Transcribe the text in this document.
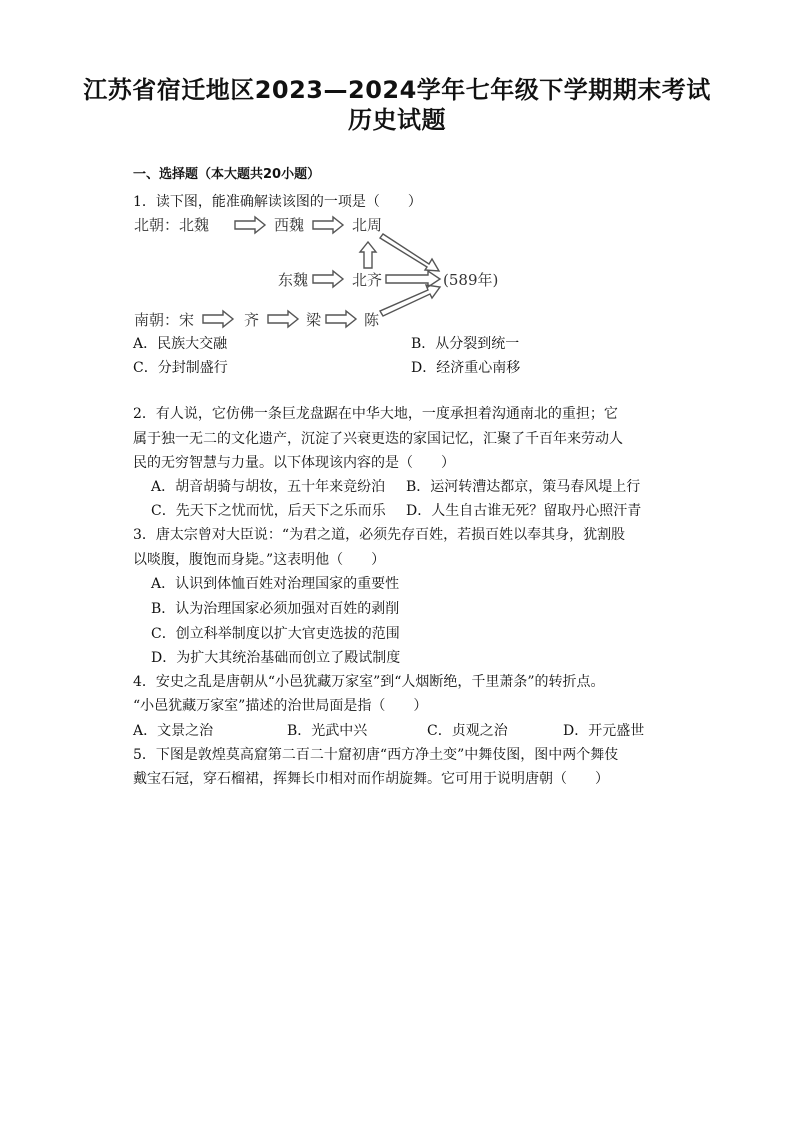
江苏省宿迁地区2023—2024学年七年级下学期期末考试
历史试题
一、选择题（本大题共20小题）
1．读下图，能准确解读该图的一项是（　　）
北朝：北魏	西魏	北周
东魏	北齐	(589年)
南朝：宋	齐	梁	陈
A．民族大交融	B．从分裂到统一
C．分封制盛行	D．经济重心南移
2．有人说，它仿佛一条巨龙盘踞在中华大地，一度承担着沟通南北的重担；它
属于独一无二的文化遗产，沉淀了兴衰更迭的家国记忆，汇聚了千百年来劳动人
民的无穷智慧与力量。以下体现该内容的是（　　）
A．胡音胡骑与胡妆，五十年来竞纷泊 B．运河转漕达都京，策马春风堤上行
C．先天下之忧而忧，后天下之乐而乐 D．人生自古谁无死？留取丹心照汗青
3．唐太宗曾对大臣说：“为君之道，必须先存百姓，若损百姓以奉其身，犹割股
以啖腹，腹饱而身毙。”这表明他（　　）
A．认识到体恤百姓对治理国家的重要性
B．认为治理国家必须加强对百姓的剥削
C．创立科举制度以扩大官吏选拔的范围
D．为扩大其统治基础而创立了殿试制度
4．安史之乱是唐朝从“小邑犹藏万家室”到“人烟断绝，千里萧条”的转折点。
“小邑犹藏万家室”描述的治世局面是指（　　）
A．文景之治	B．光武中兴	C．贞观之治	D．开元盛世
5．下图是敦煌莫高窟第二百二十窟初唐“西方净土变”中舞伎图，图中两个舞伎
戴宝石冠，穿石榴裙，挥舞长巾相对而作胡旋舞。它可用于说明唐朝（　　）
